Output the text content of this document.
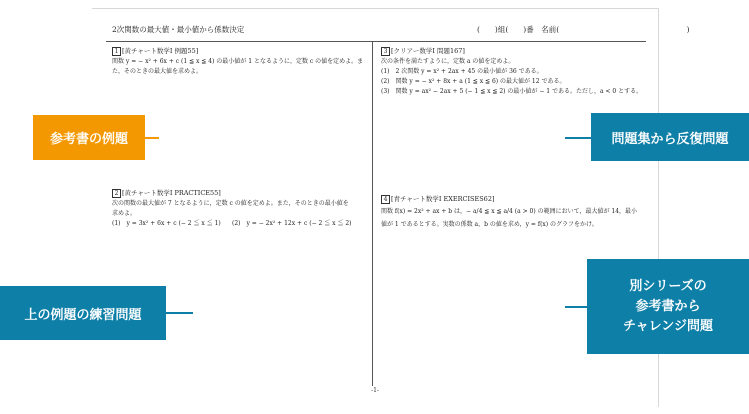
2次関数の最大値・最小値から係数決定	(　　)組(　　)番　名前(　　　　　　　　　　　　　　　　　)
1 [黄チャート数学Ⅰ 例題55]
関数 y = − x² + 6x + c (1 ≦ x ≦ 4) の最小値が 1 となるように，定数 c の値を定めよ。ま
た，そのときの最大値を求めよ。
2 [黄チャート数学Ⅰ PRACTICE55]
次の関数の最大値が 7 となるように，定数 c の値を定めよ。また，そのときの最小値を
求めよ。
(1)　y = 3x² + 6x + c (− 2 ≦ x ≦ 1) (2)　y = − 2x² + 12x + c (− 2 ≦ x ≦ 2)
3 [クリアー数学Ⅰ 問題167]
次の条件を満たすように，定数 a の値を定めよ。
(1)　2 次関数 y = x² + 2ax + 45 の最小値が 36 である。
(2)　関数 y = − x² + 8x + a (1 ≦ x ≦ 6) の最大値が 12 である。
(3)　関数 y = ax² − 2ax + 5 (− 1 ≦ x ≦ 2) の最小値が − 1 である。ただし，a < 0 とする。
4 [青チャート数学Ⅰ EXERCISES62]
関数 f(x) = 2x² + ax + b は，− a/4 ≦ x ≦ a/4 (a > 0) の範囲において，最大値が 14，最小
値が 1 であるとする。実数の係数 a，b の値を求め，y = f(x) のグラフをかけ。
-1-
参考書の例題
上の例題の練習問題
問題集から反復問題
別シリーズの
参考書から
チャレンジ問題
